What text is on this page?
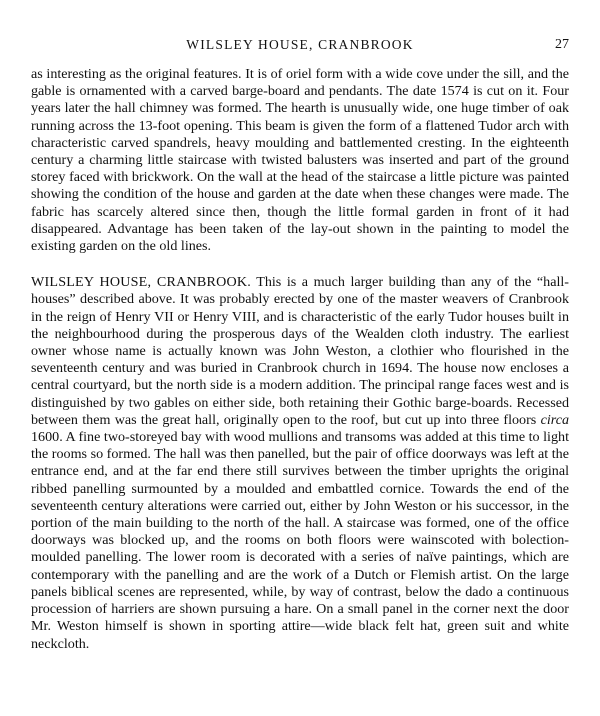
WILSLEY HOUSE, CRANBROOK	27

as interesting as the original features. It is of oriel form with a wide cove under the sill, and the gable is ornamented with a carved barge-board and pendants. The date 1574 is cut on it. Four years later the hall chimney was formed. The hearth is unusually wide, one huge timber of oak running across the 13-foot opening. This beam is given the form of a flattened Tudor arch with characteristic carved spandrels, heavy moulding and battlemented cresting. In the eighteenth century a charming little staircase with twisted balusters was inserted and part of the ground storey faced with brickwork. On the wall at the head of the staircase a little picture was painted showing the condition of the house and garden at the date when these changes were made. The fabric has scarcely altered since then, though the little formal garden in front of it had disappeared. Advantage has been taken of the lay-out shown in the painting to model the existing garden on the old lines.

WILSLEY HOUSE, CRANBROOK. This is a much larger building than any of the “hall-houses” described above. It was probably erected by one of the master weavers of Cranbrook in the reign of Henry VII or Henry VIII, and is characteristic of the early Tudor houses built in the neighbourhood during the prosperous days of the Wealden cloth industry. The earliest owner whose name is actually known was John Weston, a clothier who flourished in the seventeenth century and was buried in Cranbrook church in 1694. The house now encloses a central courtyard, but the north side is a modern addition. The principal range faces west and is distinguished by two gables on either side, both retaining their Gothic barge-boards. Recessed between them was the great hall, originally open to the roof, but cut up into three floors circa 1600. A fine two-storeyed bay with wood mullions and transoms was added at this time to light the rooms so formed. The hall was then panelled, but the pair of office doorways was left at the entrance end, and at the far end there still survives between the timber uprights the original ribbed panelling surmounted by a moulded and embattled cornice. Towards the end of the seventeenth century alterations were carried out, either by John Weston or his successor, in the portion of the main building to the north of the hall. A staircase was formed, one of the office doorways was blocked up, and the rooms on both floors were wainscoted with bolection-moulded panelling. The lower room is decorated with a series of naïve paintings, which are contemporary with the panelling and are the work of a Dutch or Flemish artist. On the large panels biblical scenes are represented, while, by way of contrast, below the dado a continuous procession of harriers are shown pursuing a hare. On a small panel in the corner next the door Mr. Weston himself is shown in sporting attire—wide black felt hat, green suit and white neckcloth.
